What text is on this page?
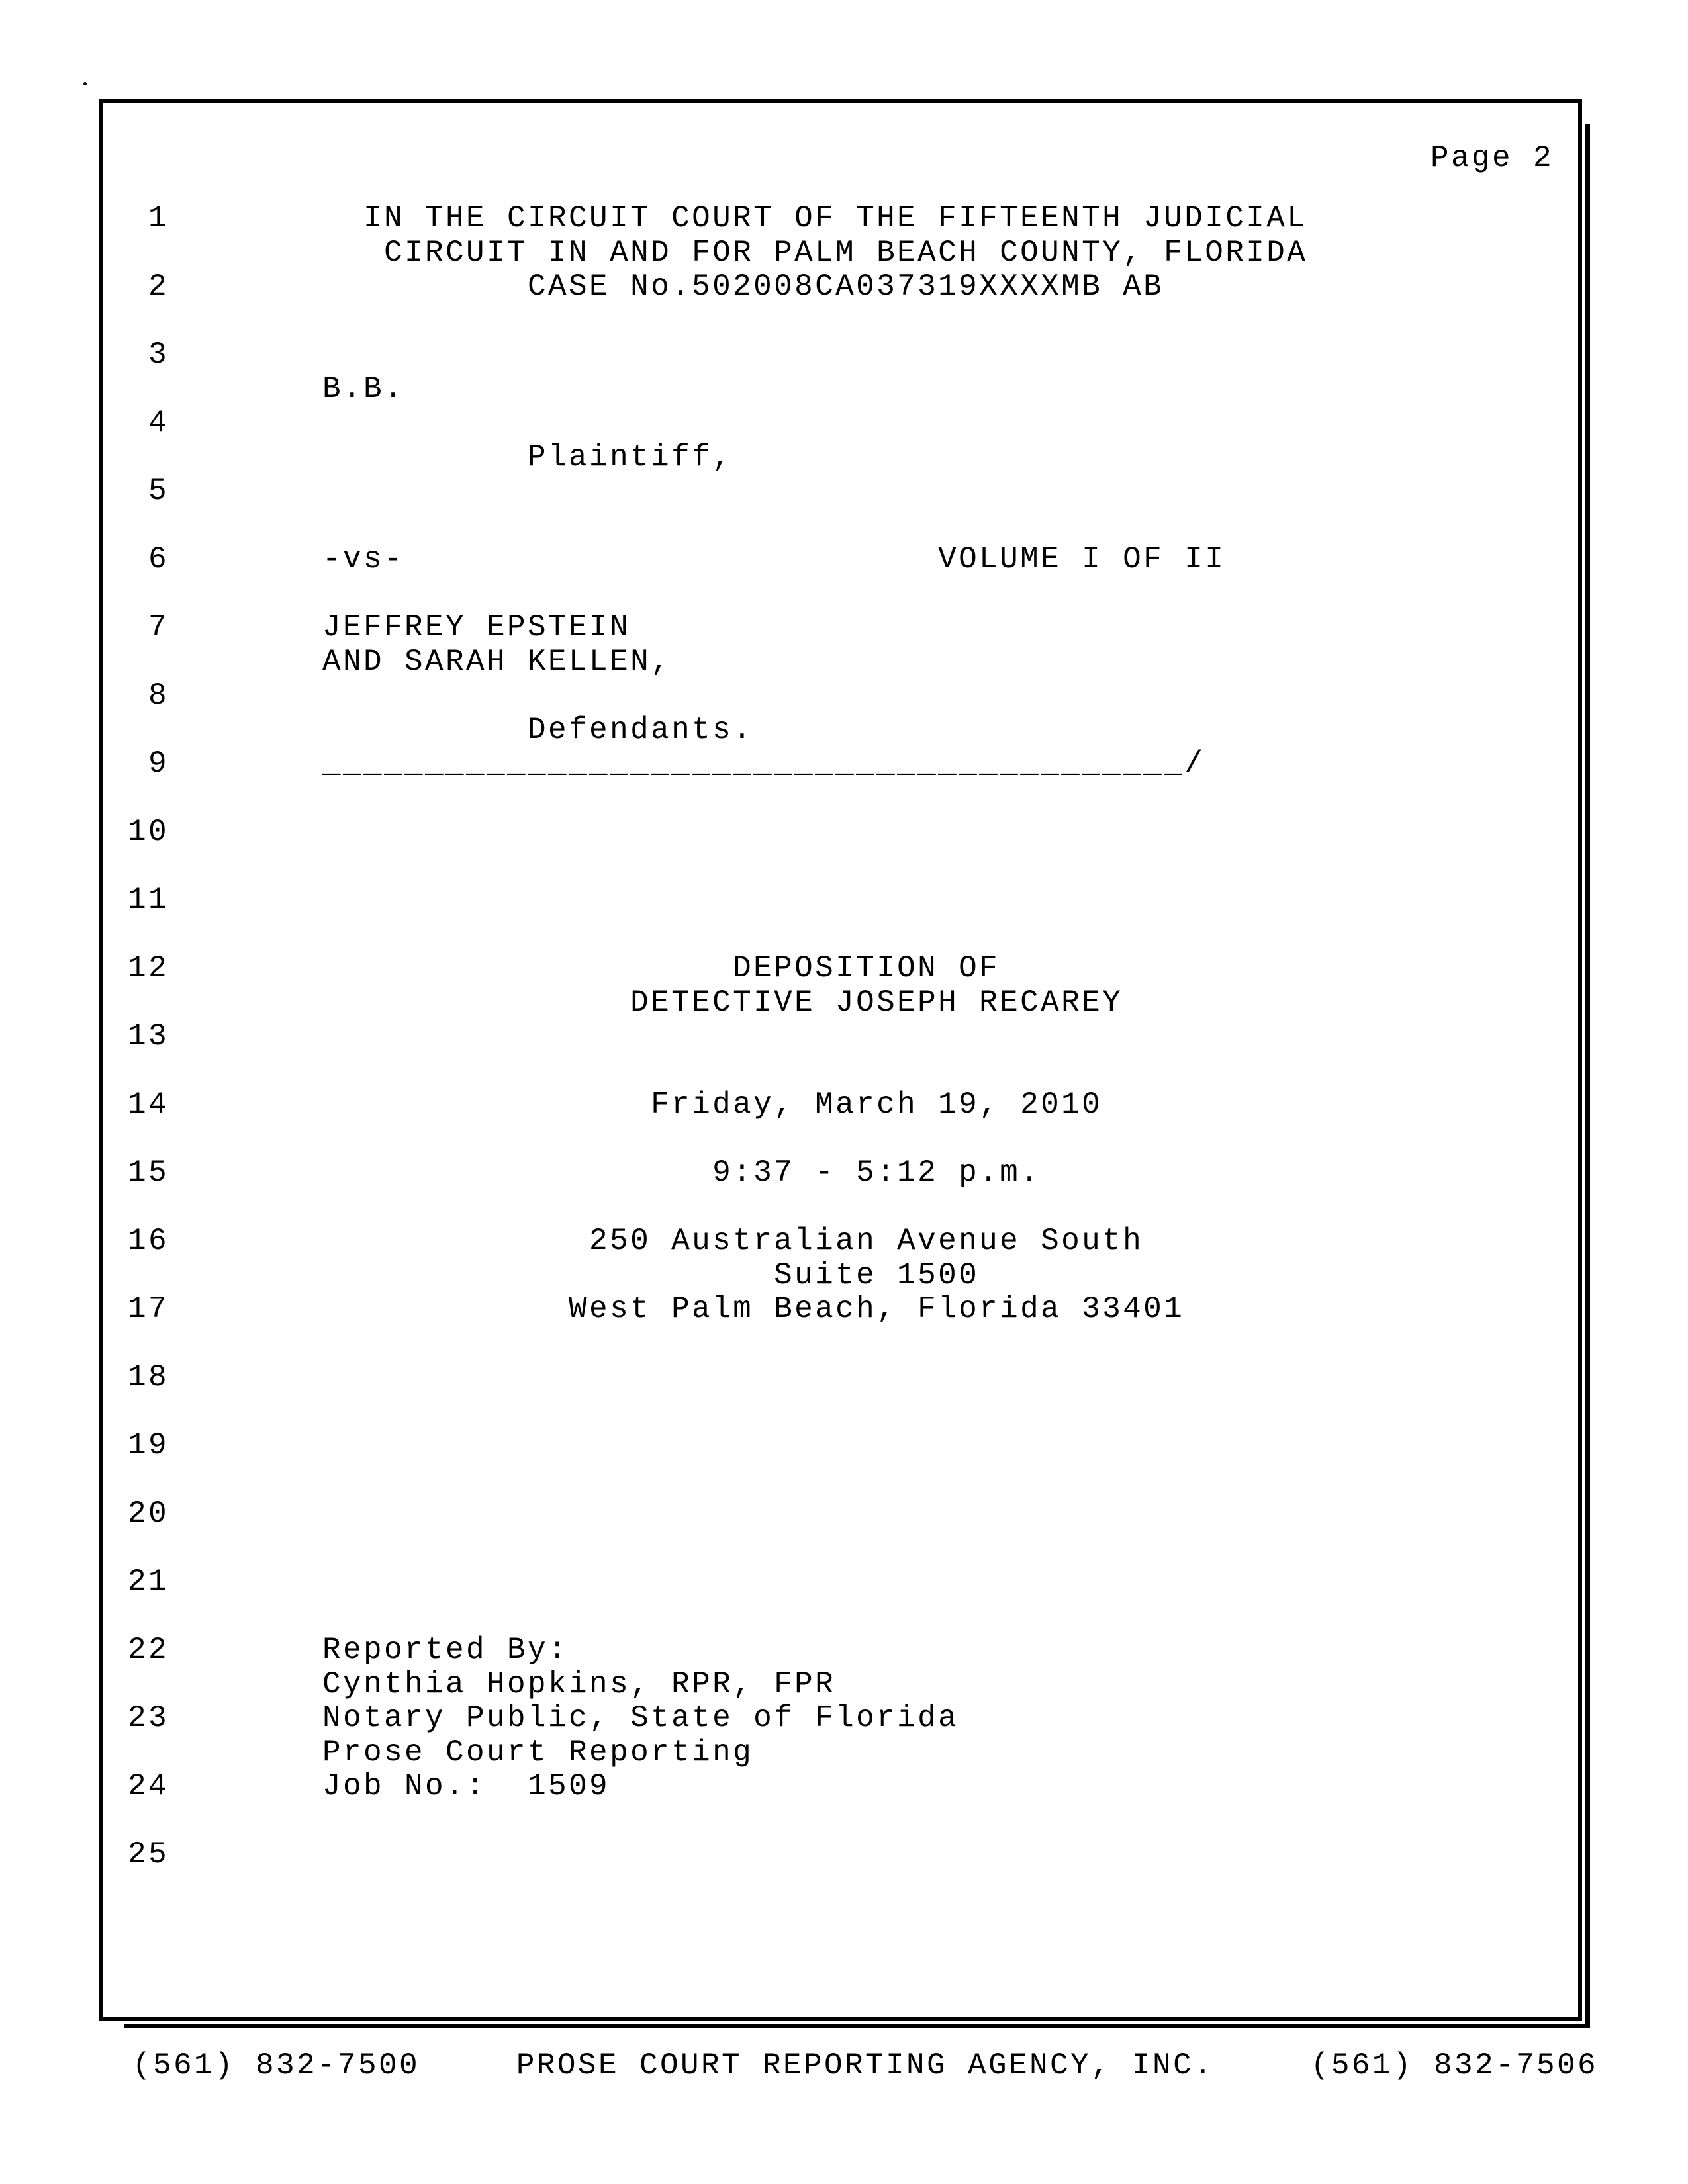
Page 2
1	IN THE CIRCUIT COURT OF THE FIFTEENTH JUDICIAL
CIRCUIT IN AND FOR PALM BEACH COUNTY, FLORIDA
2	CASE No.502008CA037319XXXXMB AB
3
B.B.
4
Plaintiff,
5
6	-vs-                          VOLUME I OF II
7	JEFFREY EPSTEIN
AND SARAH KELLEN,
8
Defendants.
9	__________________________________________/
10
11
12	DEPOSITION OF
DETECTIVE JOSEPH RECAREY
13
14	Friday, March 19, 2010
15	9:37 - 5:12 p.m.
16	250 Australian Avenue South
Suite 1500
17	West Palm Beach, Florida 33401
18
19
20
21
22	Reported By:
Cynthia Hopkins, RPR, FPR
23	Notary Public, State of Florida
Prose Court Reporting
24	Job No.:  1509
25
(561) 832-7500	PROSE COURT REPORTING AGENCY, INC.	(561) 832-7506
